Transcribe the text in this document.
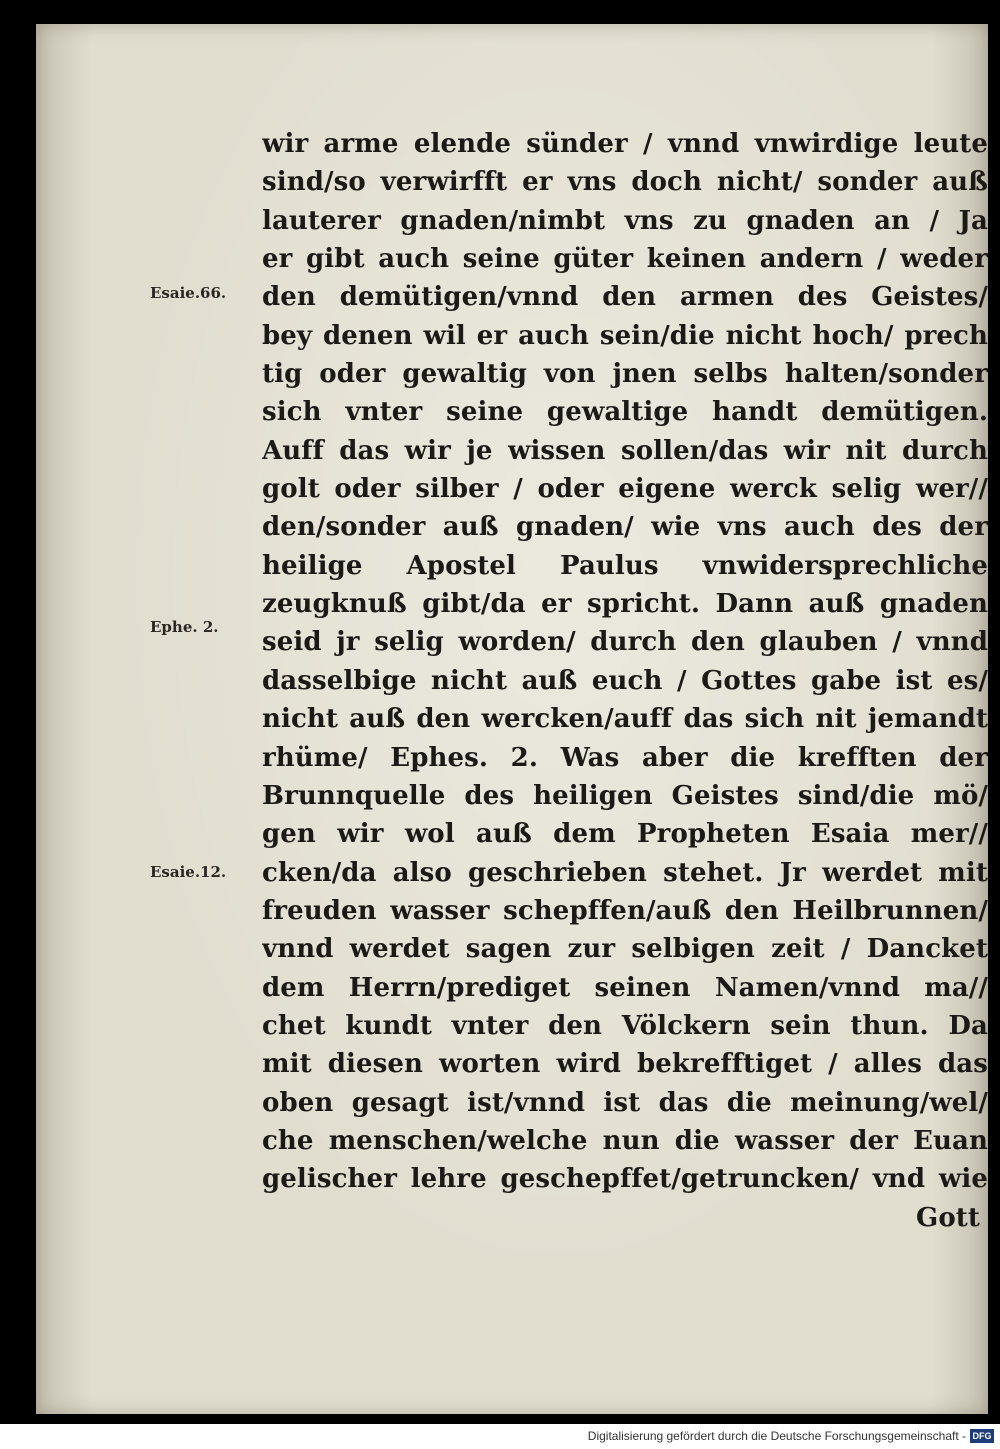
Esaie.66.
Ephe. 2.
Esaie.12.
wir arme elende sünder / vnnd vnwirdige leute
sind/so verwirfft er vns doch nicht/ sonder auß
lauterer gnaden/nimbt vns zu gnaden an / Ja
er gibt auch seine güter keinen andern / weder
den demütigen/vnnd den armen des Geistes/
bey denen wil er auch sein/die nicht hoch/ prech
tig oder gewaltig von jnen selbs halten/sonder
sich vnter seine gewaltige handt demütigen.
Auff das wir je wissen sollen/das wir nit durch
golt oder silber / oder eigene werck selig wer//
den/sonder auß gnaden/ wie vns auch des der
heilige Apostel Paulus vnwidersprechliche
zeugknuß gibt/da er spricht. Dann auß gnaden
seid jr selig worden/ durch den glauben / vnnd
dasselbige nicht auß euch / Gottes gabe ist es/
nicht auß den wercken/auff das sich nit jemandt
rhüme/ Ephes. 2. Was aber die krefften der
Brunnquelle des heiligen Geistes sind/die mö/
gen wir wol auß dem Propheten Esaia mer//
cken/da also geschrieben stehet. Jr werdet mit
freuden wasser schepffen/auß den Heilbrunnen/
vnnd werdet sagen zur selbigen zeit / Dancket
dem Herrn/prediget seinen Namen/vnnd ma//
chet kundt vnter den Völckern sein thun. Da
mit diesen worten wird bekrefftiget / alles das
oben gesagt ist/vnnd ist das die meinung/wel/
che menschen/welche nun die wasser der Euan
gelischer lehre geschepffet/getruncken/ vnd wie
Gott
Digitalisierung gefördert durch die Deutsche Forschungsgemeinschaft - DFG
